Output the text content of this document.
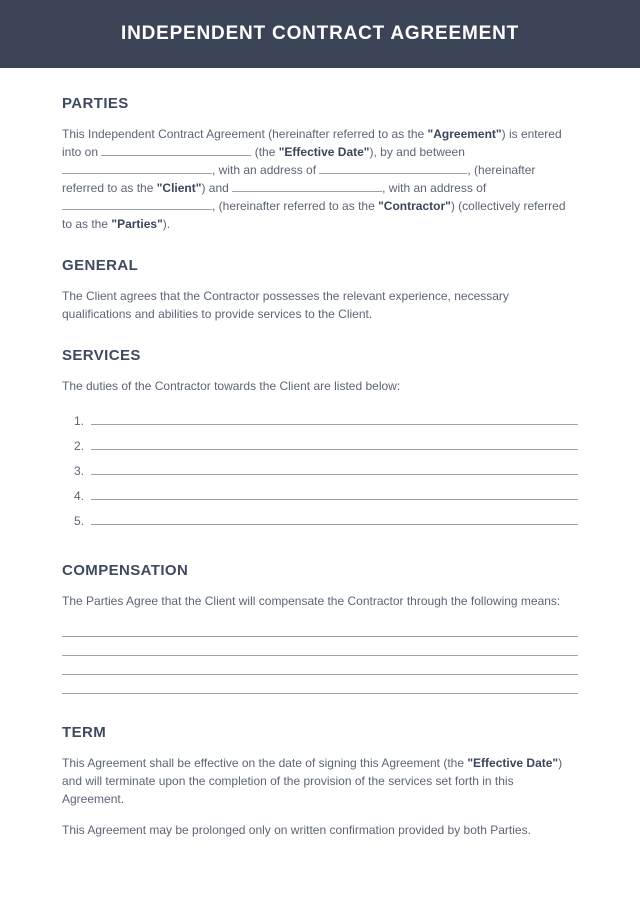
INDEPENDENT CONTRACT AGREEMENT
PARTIES

This Independent Contract Agreement (hereinafter referred to as the "Agreement") is entered into on	(the "Effective Date"), by and between , with an address of	, (hereinafter referred to as the "Client") and	, with an address of , (hereinafter referred to as the "Contractor") (collectively referred to as the "Parties").

GENERAL

The Client agrees that the Contractor possesses the relevant experience, necessary qualifications and abilities to provide services to the Client.

SERVICES

The duties of the Contractor towards the Client are listed below:

1.
2.
3.
4.
5.
COMPENSATION

The Parties Agree that the Client will compensate the Contractor through the following means:

TERM

This Agreement shall be effective on the date of signing this Agreement (the "Effective Date") and will terminate upon the completion of the provision of the services set forth in this Agreement.

This Agreement may be prolonged only on written confirmation provided by both Parties.
